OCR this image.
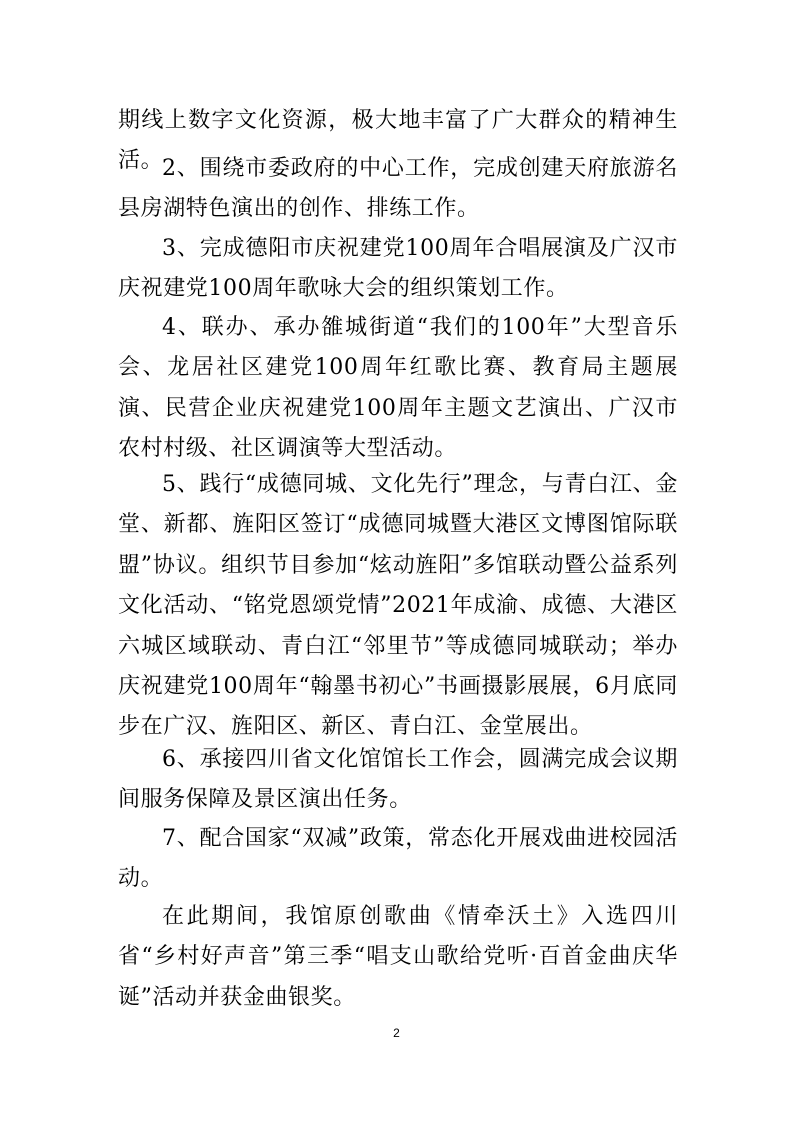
期线上数字文化资源，极大地丰富了广大群众的精神生活。

2、围绕市委政府的中心工作，完成创建天府旅游名县房湖特色演出的创作、排练工作。

3、完成德阳市庆祝建党100周年合唱展演及广汉市庆祝建党100周年歌咏大会的组织策划工作。

4、联办、承办雒城街道“我们的100年”大型音乐会、龙居社区建党100周年红歌比赛、教育局主题展演、民营企业庆祝建党100周年主题文艺演出、广汉市农村村级、社区调演等大型活动。

5、践行“成德同城、文化先行”理念，与青白江、金堂、新都、旌阳区签订“成德同城暨大港区文博图馆际联盟”协议。组织节目参加“炫动旌阳”多馆联动暨公益系列文化活动、“铭党恩颂党情”2021年成渝、成德、大港区六城区域联动、青白江“邻里节”等成德同城联动；举办庆祝建党100周年“翰墨书初心”书画摄影展展，6月底同步在广汉、旌阳区、新区、青白江、金堂展出。

6、承接四川省文化馆馆长工作会，圆满完成会议期间服务保障及景区演出任务。

7、配合国家“双减”政策，常态化开展戏曲进校园活动。

在此期间，我馆原创歌曲《情牵沃土》入选四川省“乡村好声音”第三季“唱支山歌给党听·百首金曲庆华诞”活动并获金曲银奖。

2
